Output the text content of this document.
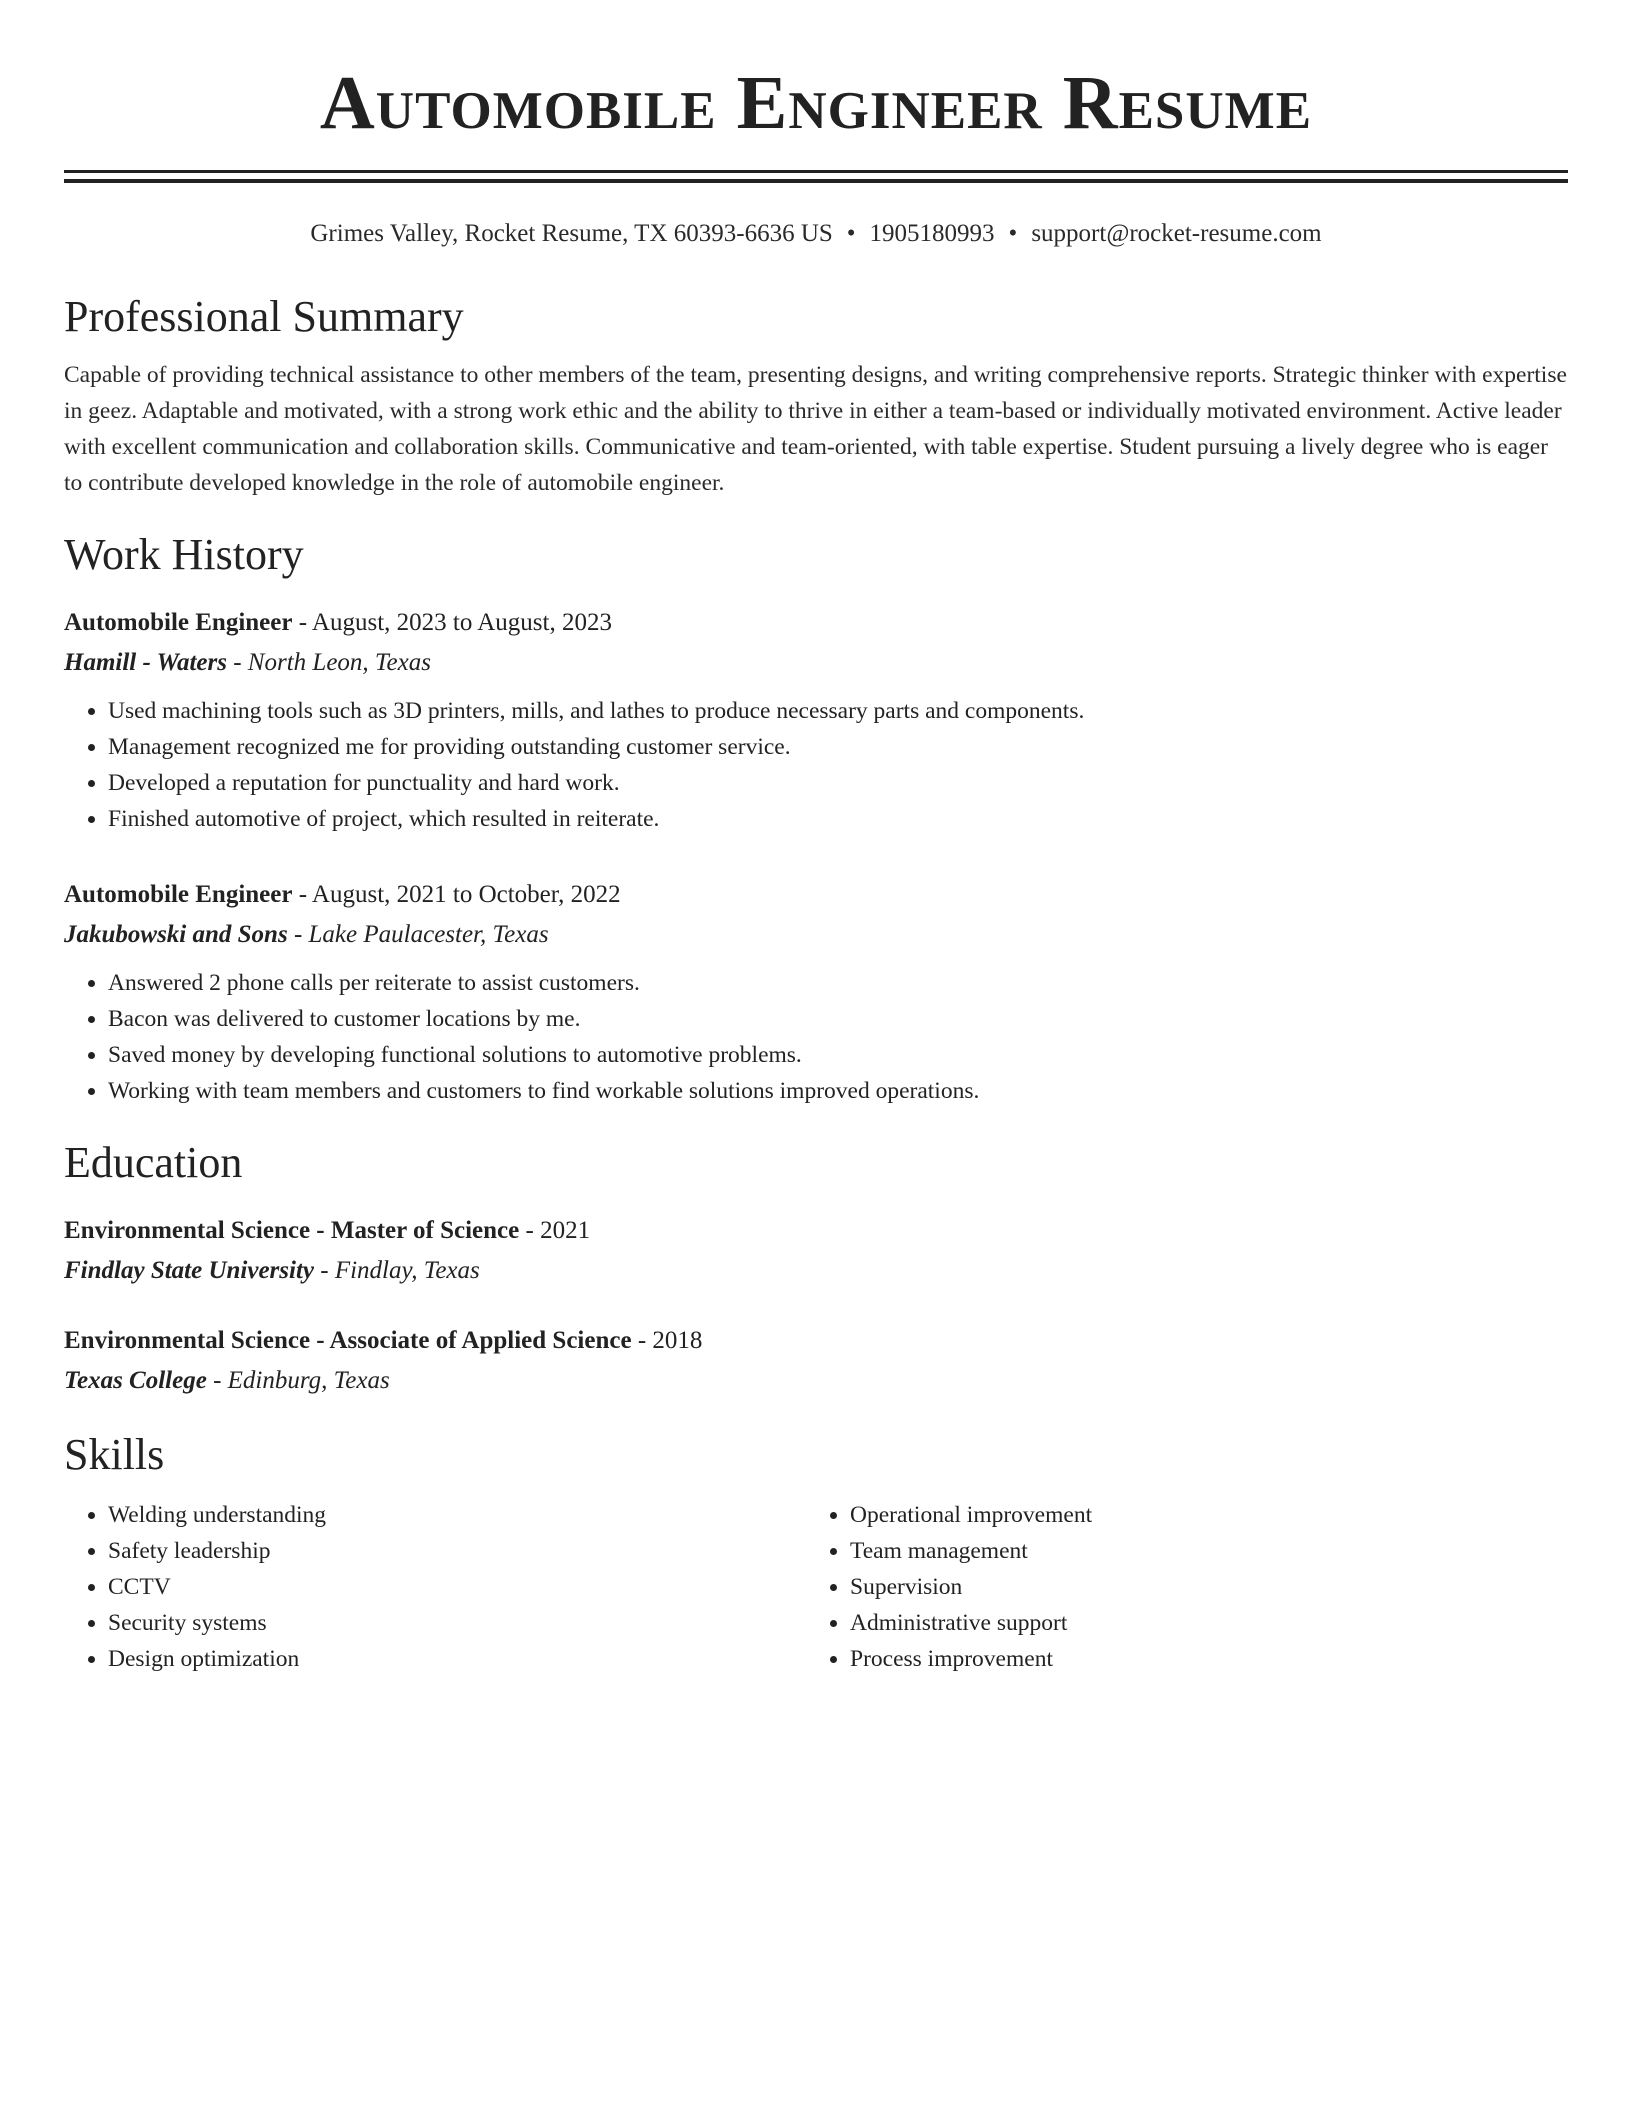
Automobile Engineer Resume
Grimes Valley, Rocket Resume, TX 60393-6636 US • 1905180993 • support@rocket-resume.com
Professional Summary
Capable of providing technical assistance to other members of the team, presenting designs, and writing comprehensive reports. Strategic thinker with expertise in geez. Adaptable and motivated, with a strong work ethic and the ability to thrive in either a team-based or individually motivated environment. Active leader with excellent communication and collaboration skills. Communicative and team-oriented, with table expertise. Student pursuing a lively degree who is eager to contribute developed knowledge in the role of automobile engineer.
Work History
Automobile Engineer - August, 2023 to August, 2023
Hamill - Waters - North Leon, Texas
• Used machining tools such as 3D printers, mills, and lathes to produce necessary parts and components.
• Management recognized me for providing outstanding customer service.
• Developed a reputation for punctuality and hard work.
• Finished automotive of project, which resulted in reiterate.
Automobile Engineer - August, 2021 to October, 2022
Jakubowski and Sons - Lake Paulacester, Texas
• Answered 2 phone calls per reiterate to assist customers.
• Bacon was delivered to customer locations by me.
• Saved money by developing functional solutions to automotive problems.
• Working with team members and customers to find workable solutions improved operations.
Education
Environmental Science - Master of Science - 2021
Findlay State University - Findlay, Texas
Environmental Science - Associate of Applied Science - 2018
Texas College - Edinburg, Texas
Skills
• Welding understanding
• Safety leadership
• CCTV
• Security systems
• Design optimization
• Operational improvement
• Team management
• Supervision
• Administrative support
• Process improvement
